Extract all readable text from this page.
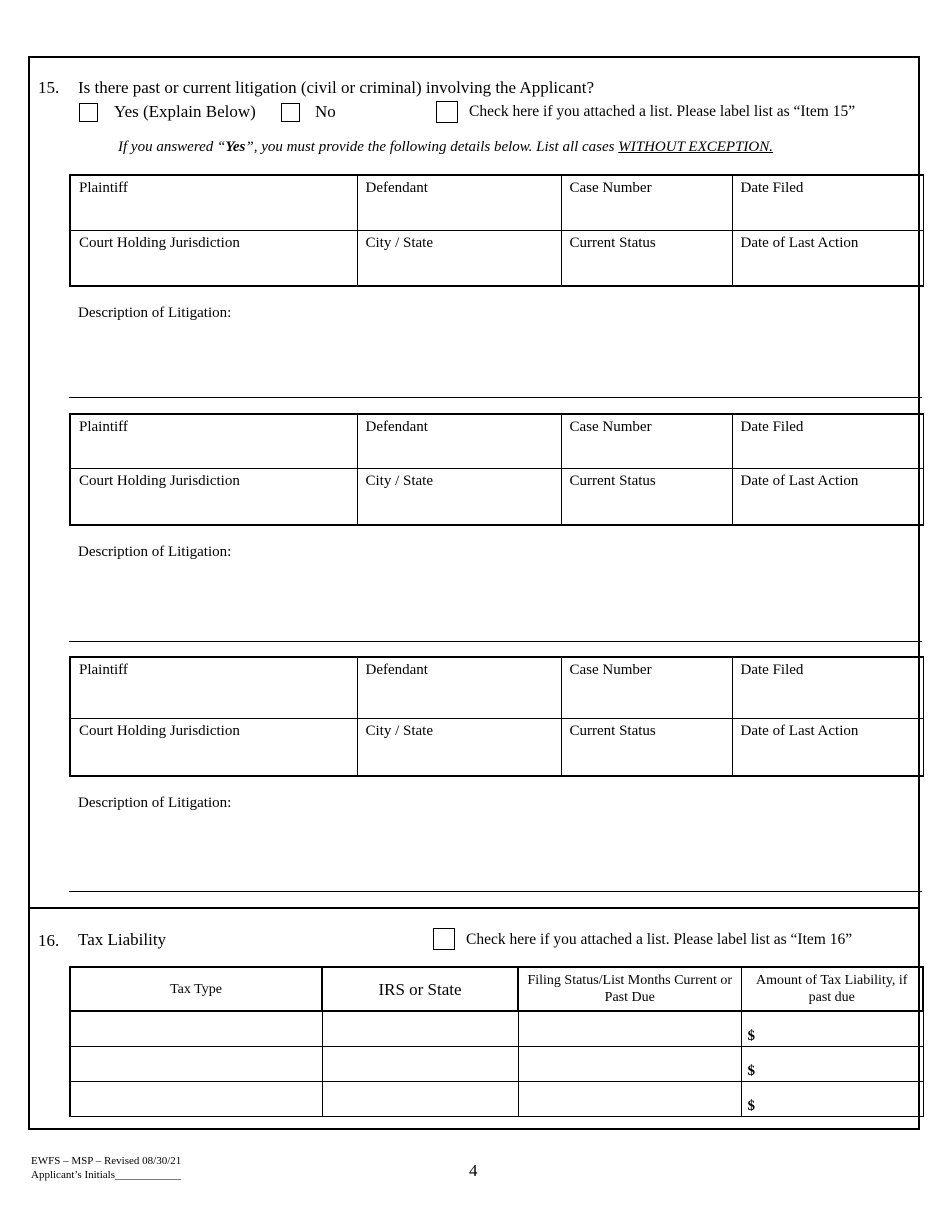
15. Is there past or current litigation (civil or criminal) involving the Applicant?
Yes (Explain Below)	No	Check here if you attached a list. Please label list as “Item 15”
If you answered “Yes”, you must provide the following details below. List all cases WITHOUT EXCEPTION.
Plaintiff	Defendant	Case Number	Date Filed
Court Holding Jurisdiction	City / State	Current Status	Date of Last Action
Description of Litigation:
Plaintiff	Defendant	Case Number	Date Filed
Court Holding Jurisdiction	City / State	Current Status	Date of Last Action
Description of Litigation:
Plaintiff	Defendant	Case Number	Date Filed
Court Holding Jurisdiction	City / State	Current Status	Date of Last Action
Description of Litigation:
16. Tax Liability	Check here if you attached a list. Please label list as “Item 16”
Tax Type	IRS or State	Filing Status/List Months Current or Past Due	Amount of Tax Liability, if past due
			$
			$
			$
EWFS – MSP – Revised 08/30/21
Applicant’s Initials____________	4
